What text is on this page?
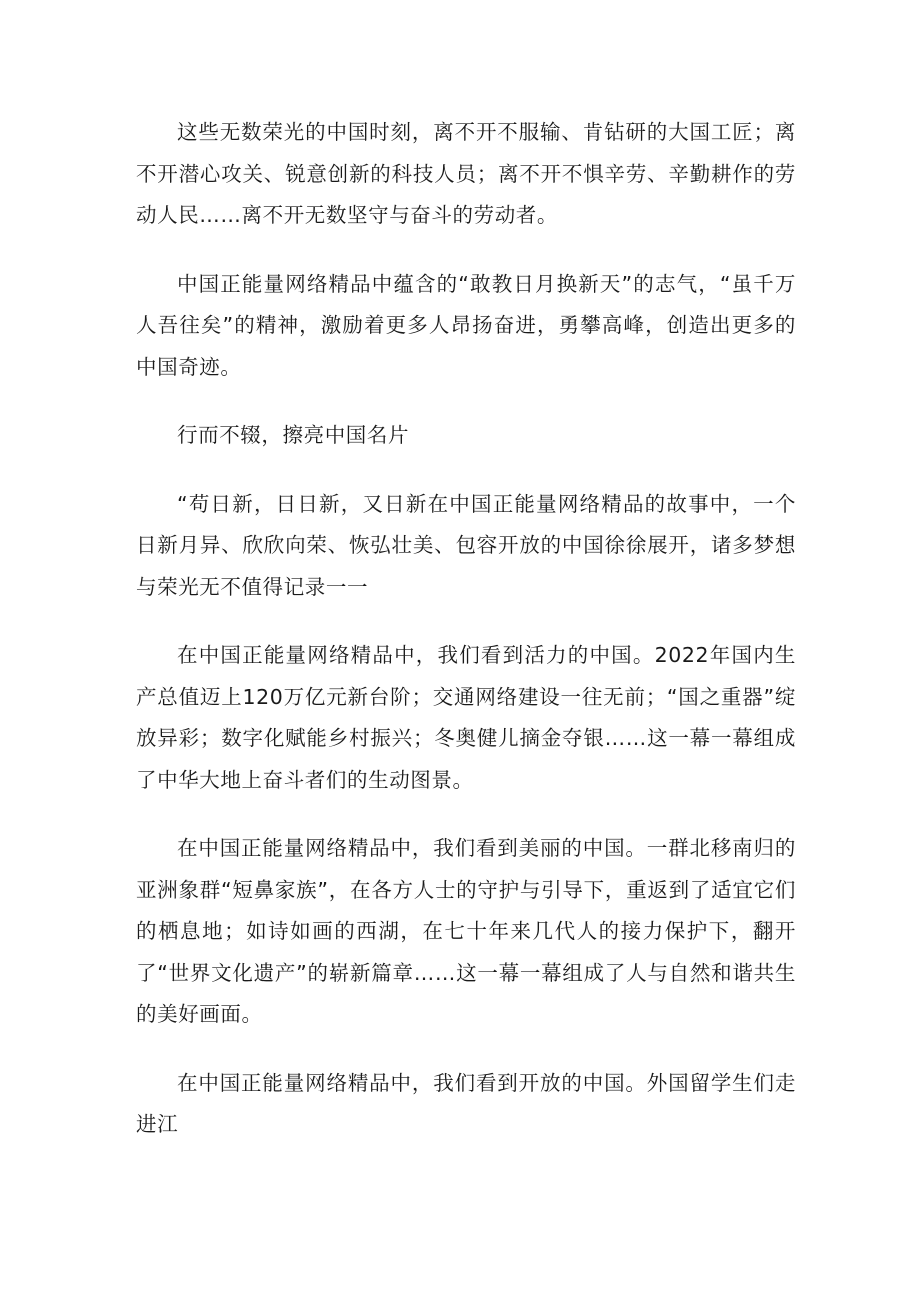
这些无数荣光的中国时刻，离不开不服输、肯钻研的大国工匠；离不开潜心攻关、锐意创新的科技人员；离不开不惧辛劳、辛勤耕作的劳动人民……离不开无数坚守与奋斗的劳动者。

中国正能量网络精品中蕴含的“敢教日月换新天”的志气，“虽千万人吾往矣”的精神，激励着更多人昂扬奋进，勇攀高峰，创造出更多的中国奇迹。

行而不辍，擦亮中国名片

“苟日新，日日新，又日新在中国正能量网络精品的故事中，一个日新月异、欣欣向荣、恢弘壮美、包容开放的中国徐徐展开，诸多梦想与荣光无不值得记录一一

在中国正能量网络精品中，我们看到活力的中国。2022年国内生产总值迈上120万亿元新台阶；交通网络建设一往无前；“国之重器”绽放异彩；数字化赋能乡村振兴；冬奥健儿摘金夺银……这一幕一幕组成了中华大地上奋斗者们的生动图景。

在中国正能量网络精品中，我们看到美丽的中国。一群北移南归的亚洲象群“短鼻家族”，在各方人士的守护与引导下，重返到了适宜它们的栖息地；如诗如画的西湖，在七十年来几代人的接力保护下，翻开了“世界文化遗产”的崭新篇章……这一幕一幕组成了人与自然和谐共生的美好画面。

在中国正能量网络精品中，我们看到开放的中国。外国留学生们走进江
